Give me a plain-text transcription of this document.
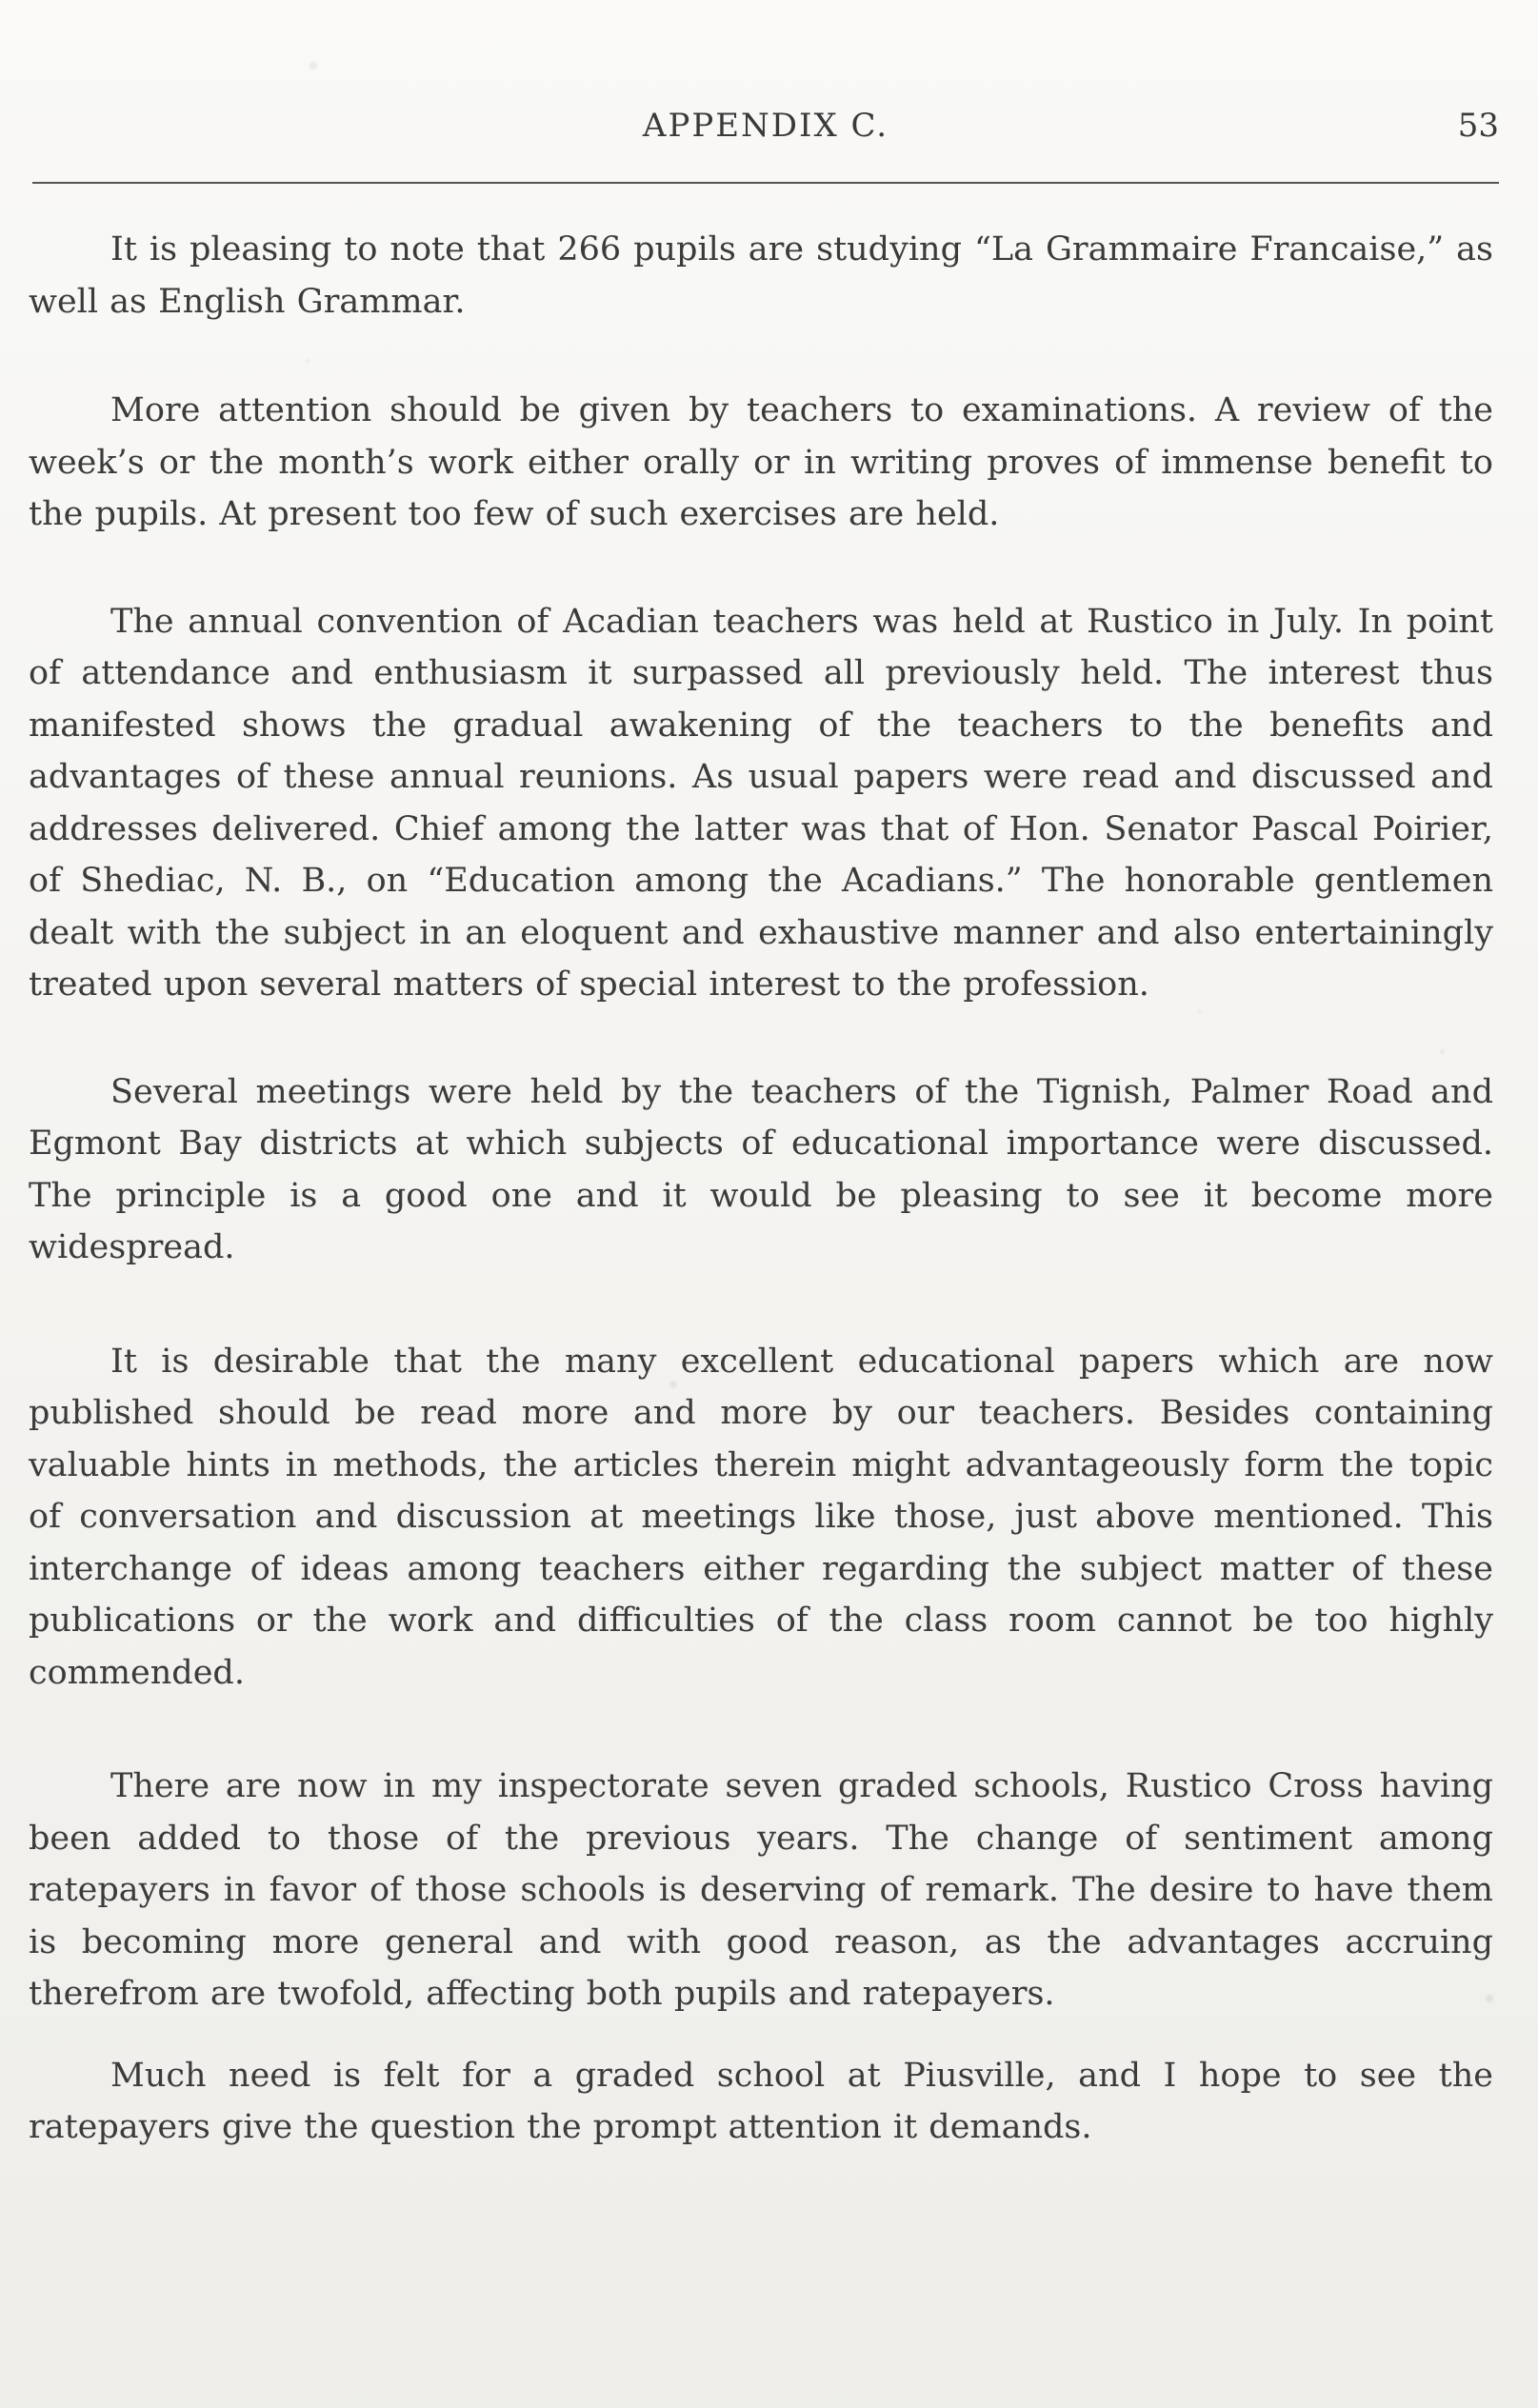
APPENDIX C.	53

It is pleasing to note that 266 pupils are studying “La Grammaire Francaise,” as well as English Grammar.

More attention should be given by teachers to examinations. A review of the week’s or the month’s work either orally or in writing proves of immense benefit to the pupils. At present too few of such exercises are held.

The annual convention of Acadian teachers was held at Rustico in July. In point of attendance and enthusiasm it surpassed all previously held. The interest thus manifested shows the gradual awakening of the teachers to the benefits and advantages of these annual reunions. As usual papers were read and discussed and addresses delivered. Chief among the latter was that of Hon. Senator Pascal Poirier, of Shediac, N. B., on “Education among the Acadians.” The honorable gentlemen dealt with the subject in an eloquent and exhaustive manner and also entertainingly treated upon several matters of special interest to the profession.

Several meetings were held by the teachers of the Tignish, Palmer Road and Egmont Bay districts at which subjects of educational importance were discussed. The principle is a good one and it would be pleasing to see it become more widespread.

It is desirable that the many excellent educational papers which are now published should be read more and more by our teachers. Besides containing valuable hints in methods, the articles therein might advantageously form the topic of conversation and discussion at meetings like those, just above mentioned. This interchange of ideas among teachers either regarding the subject matter of these publications or the work and difficulties of the class room cannot be too highly commended.

There are now in my inspectorate seven graded schools, Rustico Cross having been added to those of the previous years. The change of sentiment among ratepayers in favor of those schools is deserving of remark. The desire to have them is becoming more general and with good reason, as the advantages accruing therefrom are twofold, affecting both pupils and ratepayers.

Much need is felt for a graded school at Piusville, and I hope to see the ratepayers give the question the prompt attention it demands.
